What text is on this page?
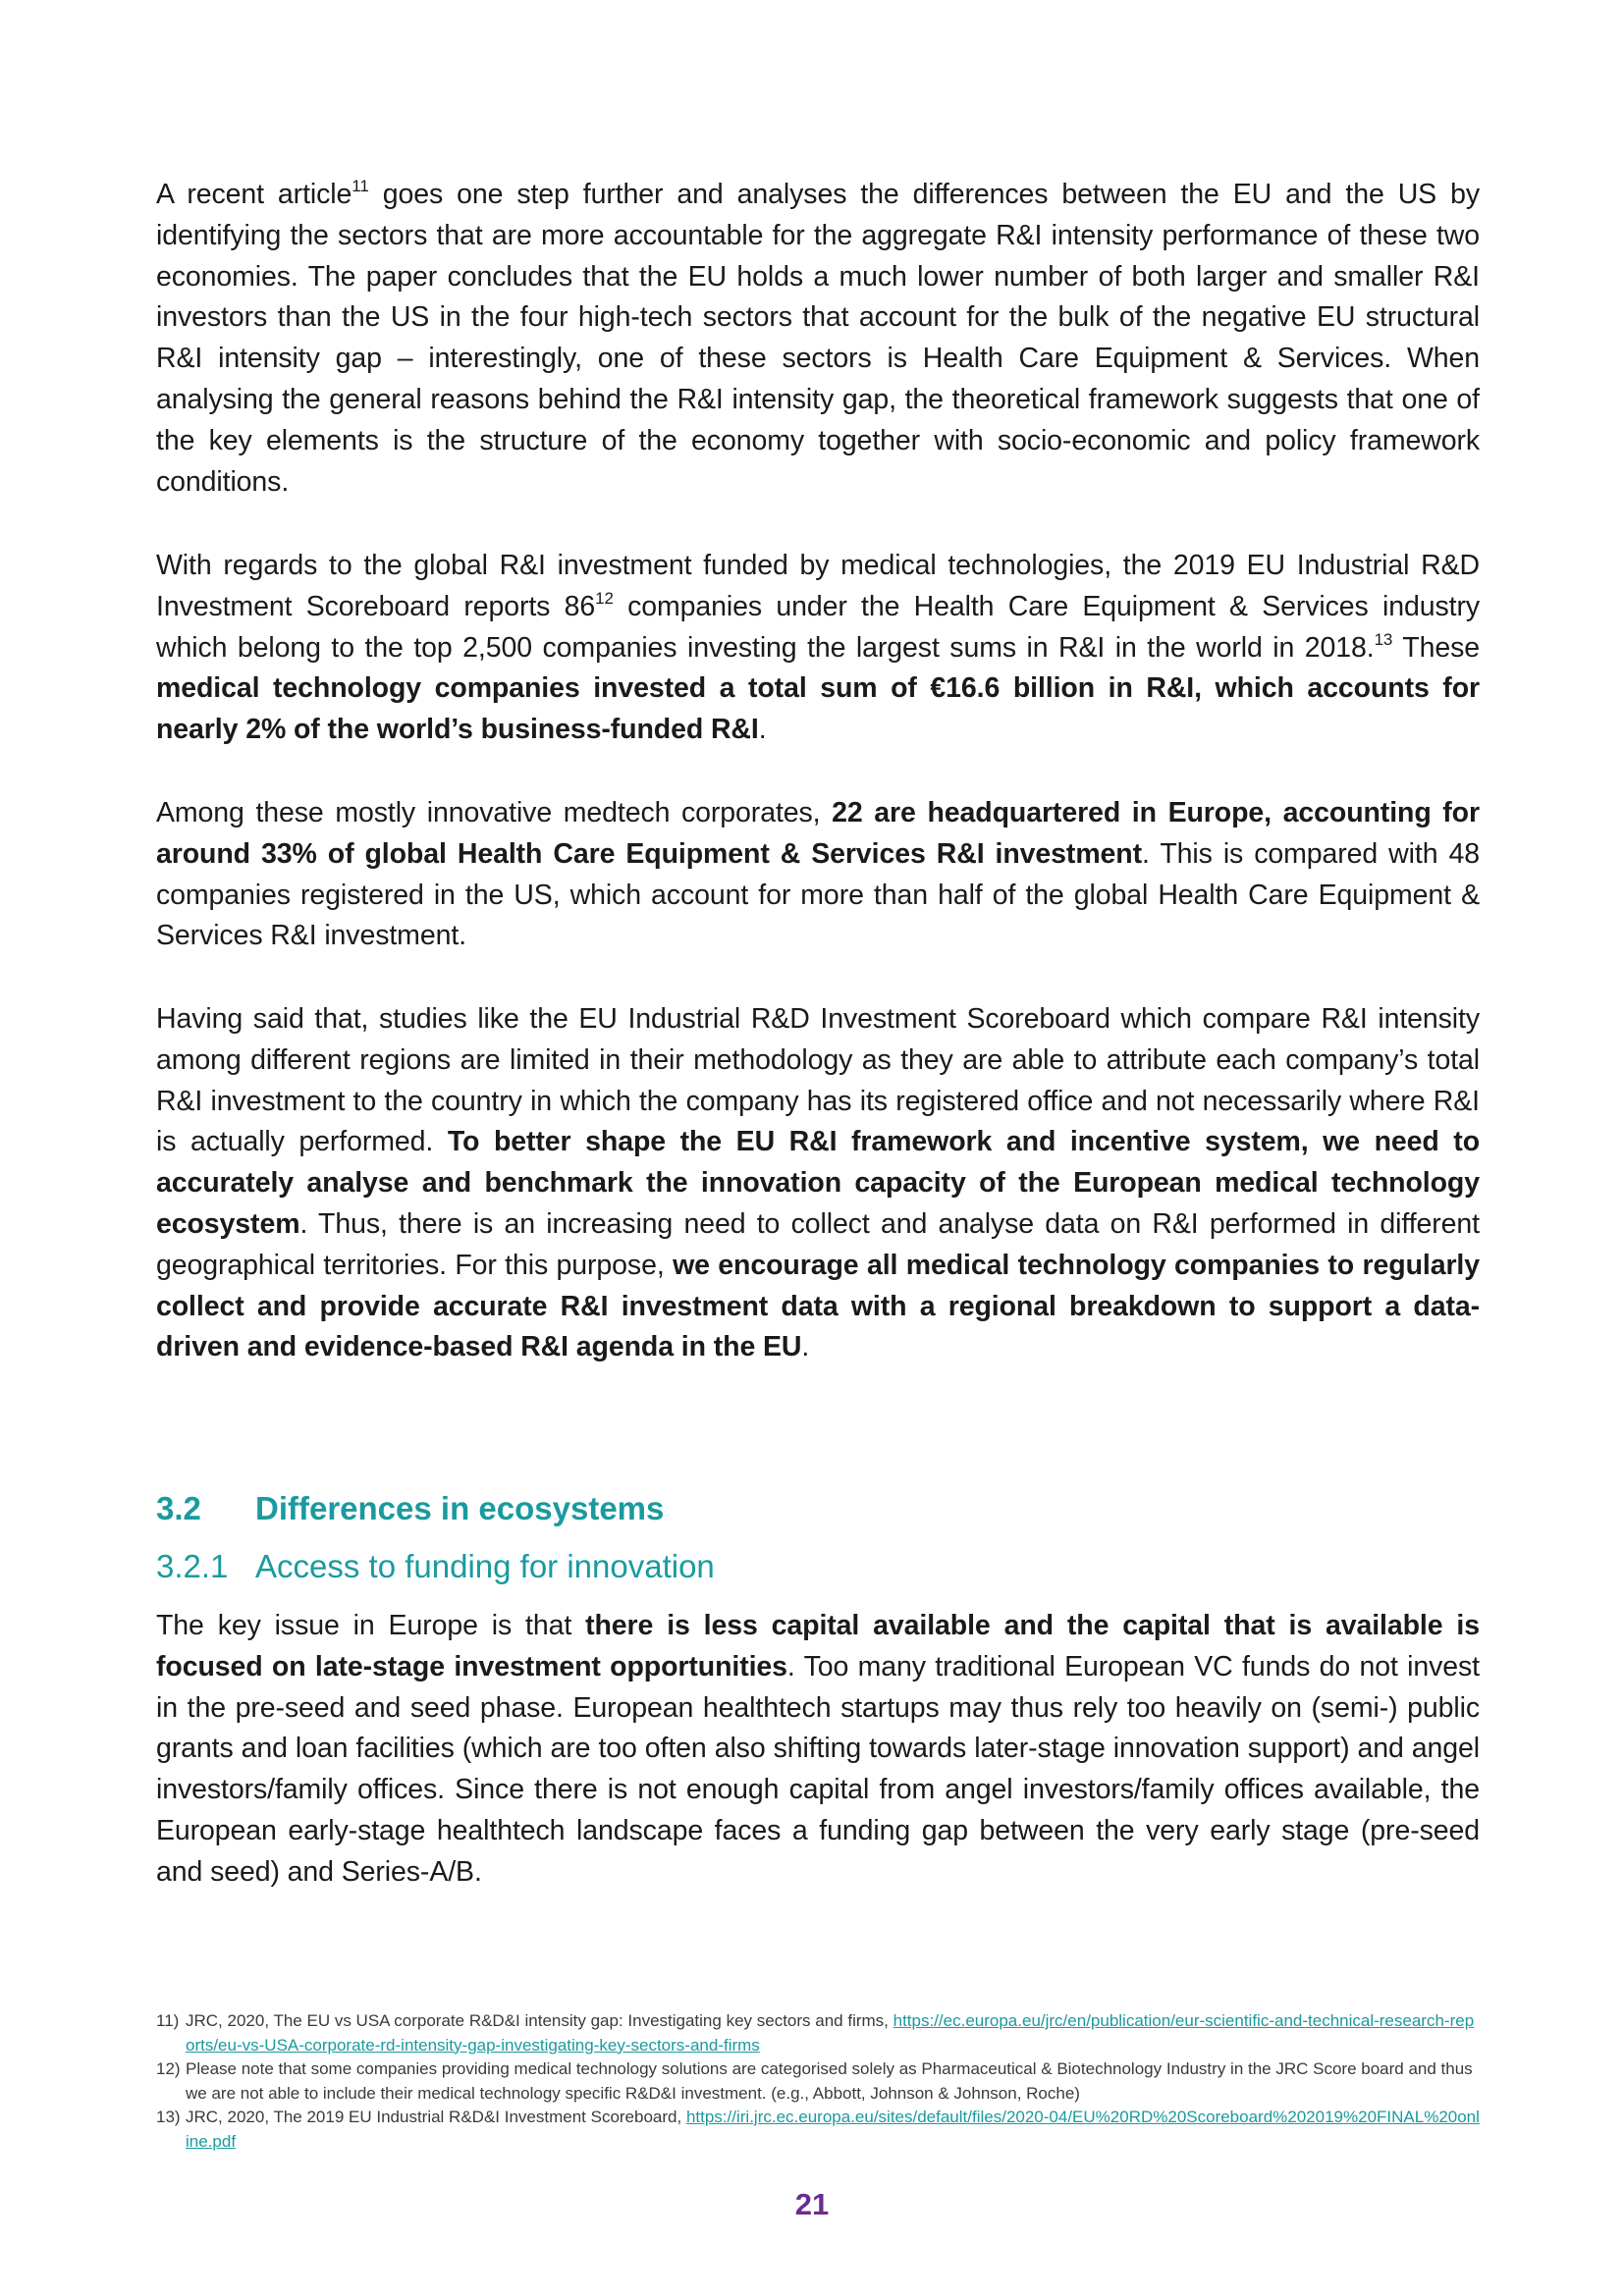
A recent article$^{11}$ goes one step further and analyses the differences between the EU and the US by identifying the sectors that are more accountable for the aggregate R&I intensity performance of these two economies. The paper concludes that the EU holds a much lower number of both larger and smaller R&I investors than the US in the four high-tech sectors that account for the bulk of the negative EU structural R&I intensity gap – interestingly, one of these sectors is Health Care Equipment & Services. When analysing the general reasons behind the R&I intensity gap, the theoretical framework suggests that one of the key elements is the structure of the economy together with socio-economic and policy framework conditions.
With regards to the global R&I investment funded by medical technologies, the 2019 EU Industrial R&D Investment Scoreboard reports $86^{12}$ companies under the Health Care Equipment & Services industry which belong to the top 2,500 companies investing the largest sums in R&I in the world in 2018.13 These medical technology companies invested a total sum of €16.6 billion in R&I, which accounts for nearly 2% of the world’s business-funded R&I.
Among these mostly innovative medtech corporates, 22 are headquartered in Europe, accounting for around 33% of global Health Care Equipment & Services R&I investment. This is compared with 48 companies registered in the US, which account for more than half of the global Health Care Equipment & Services R&I investment.
Having said that, studies like the EU Industrial R&D Investment Scoreboard which compare R&I intensity among different regions are limited in their methodology as they are able to attribute each company’s total R&I investment to the country in which the company has its registered office and not necessarily where R&I is actually performed. To better shape the EU R&I framework and incentive system, we need to accurately analyse and benchmark the innovation capacity of the European medical technology ecosystem. Thus, there is an increasing need to collect and analyse data on R&I performed in different geographical territories. For this purpose, we encourage all medical technology companies to regularly collect and provide accurate R&I investment data with a regional breakdown to support a data-driven and evidence-based R&I agenda in the EU.
3.2 Differences in ecosystems
3.2.1 Access to funding for innovation
The key issue in Europe is that there is less capital available and the capital that is available is focused on late-stage investment opportunities. Too many traditional European VC funds do not invest in the pre-seed and seed phase. European healthtech startups may thus rely too heavily on (semi-) public grants and loan facilities (which are too often also shifting towards later-stage innovation support) and angel investors/family offices. Since there is not enough capital from angel investors/family offices available, the European early-stage healthtech landscape faces a funding gap between the very early stage (pre-seed and seed) and Series-A/B.
11) JRC, 2020, The EU vs USA corporate R&D&I intensity gap: Investigating key sectors and firms, https://ec.europa.eu/jrc/en/publication/eur-scientific-and-technical-research-reports/eu-vs-USA-corporate-rd-intensity-gap-investigating-key-sectors-and-firms
12) Please note that some companies providing medical technology solutions are categorised solely as Pharmaceutical & Biotechnology Industry in the JRC Score board and thus we are not able to include their medical technology specific R&D&I investment. (e.g., Abbott, Johnson & Johnson, Roche)
13) JRC, 2020, The 2019 EU Industrial R&D&I Investment Scoreboard, https://iri.jrc.ec.europa.eu/sites/default/files/2020-04/EU%20RD%20Scoreboard%202019%20FINAL%20online.pdf
21
